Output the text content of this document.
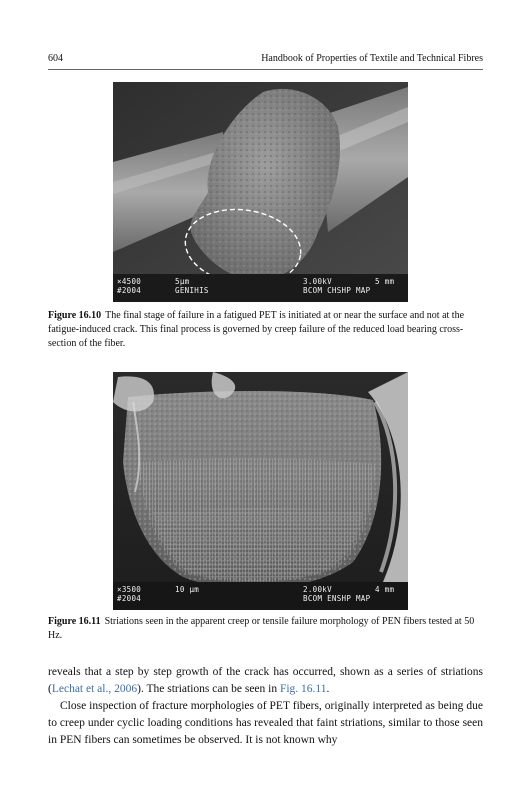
604	Handbook of Properties of Textile and Technical Fibres
×4500
#2004
5μm
GENIHIS
3.00kV
BCOM CHSHP MAP
5 mm
Figure 16.10 The final stage of failure in a fatigued PET is initiated at or near the surface and not at the fatigue-induced crack. This final process is governed by creep failure of the reduced load bearing cross-section of the fiber.
×3500
#2004
10 μm	2.00kV
BCOM ENSHP MAP
4 mm
Figure 16.11 Striations seen in the apparent creep or tensile failure morphology of PEN fibers tested at 50 Hz.

reveals that a step by step growth of the crack has occurred, shown as a series of striations (Lechat et al., 2006). The striations can be seen in Fig. 16.11.

Close inspection of fracture morphologies of PET fibers, originally interpreted as being due to creep under cyclic loading conditions has revealed that faint striations, similar to those seen in PEN fibers can sometimes be observed. It is not known why
